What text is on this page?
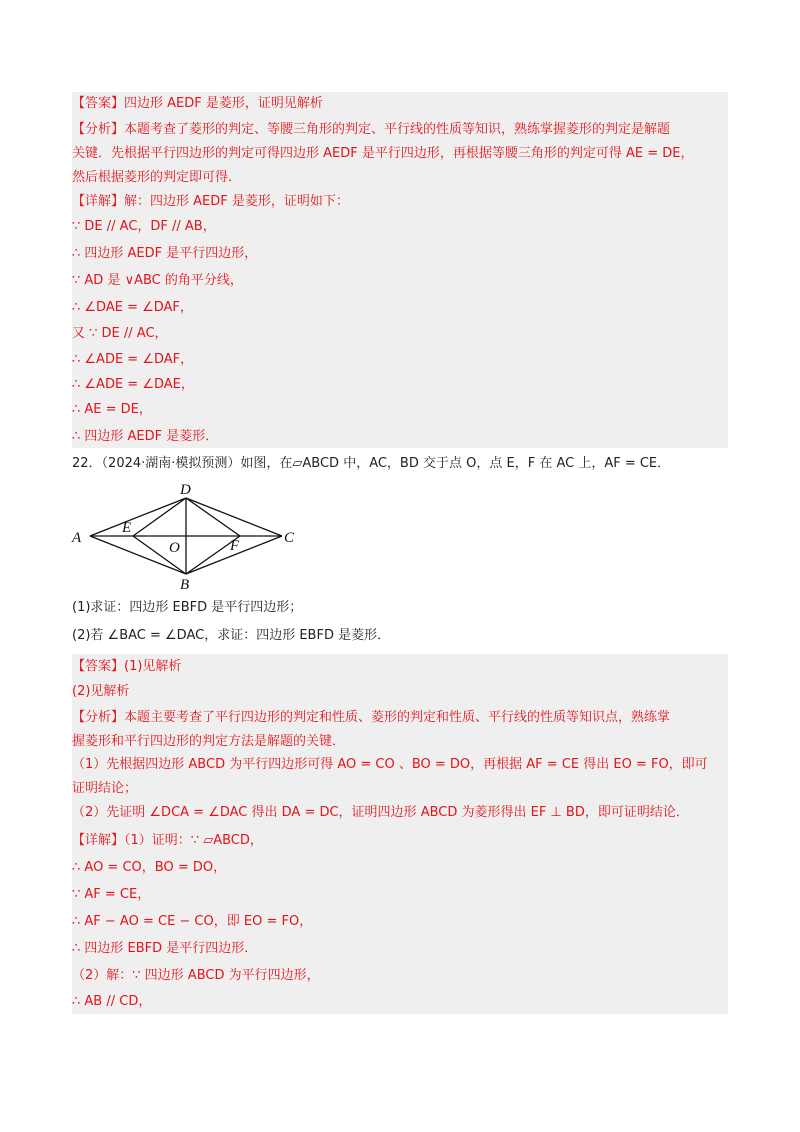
【答案】四边形 AEDF 是菱形，证明见解析
【分析】本题考查了菱形的判定、等腰三角形的判定、平行线的性质等知识，熟练掌握菱形的判定是解题
关键．先根据平行四边形的判定可得四边形 AEDF 是平行四边形，再根据等腰三角形的判定可得 AE = DE，
然后根据菱形的判定即可得．
【详解】解：四边形 AEDF 是菱形，证明如下：
∵ DE // AC，DF // AB，
∴ 四边形 AEDF 是平行四边形，
∵ AD 是 ∨ABC 的角平分线，
∴ ∠DAE = ∠DAF，
又 ∵ DE // AC，
∴ ∠ADE = ∠DAF，
∴ ∠ADE = ∠DAE，
∴ AE = DE，
∴ 四边形 AEDF 是菱形．
22．（2024·湖南·模拟预测）如图，在▱ABCD 中，AC，BD 交于点 O，点 E，F 在 AC 上，AF = CE．
A
D
C
B
E
F
O
(1)求证：四边形 EBFD 是平行四边形；
(2)若 ∠BAC = ∠DAC，求证：四边形 EBFD 是菱形．
【答案】(1)见解析
(2)见解析
【分析】本题主要考查了平行四边形的判定和性质、菱形的判定和性质、平行线的性质等知识点，熟练掌
握菱形和平行四边形的判定方法是解题的关键．
（1）先根据四边形 ABCD 为平行四边形可得 AO = CO 、BO = DO，再根据 AF = CE 得出 EO = FO，即可
证明结论；
（2）先证明 ∠DCA = ∠DAC 得出 DA = DC，证明四边形 ABCD 为菱形得出 EF ⊥ BD，即可证明结论．
【详解】（1）证明：∵ ▱ABCD，
∴ AO = CO，BO = DO，
∵ AF = CE，
∴ AF − AO = CE − CO，即 EO = FO，
∴ 四边形 EBFD 是平行四边形．
（2）解：∵ 四边形 ABCD 为平行四边形，
∴ AB // CD，
